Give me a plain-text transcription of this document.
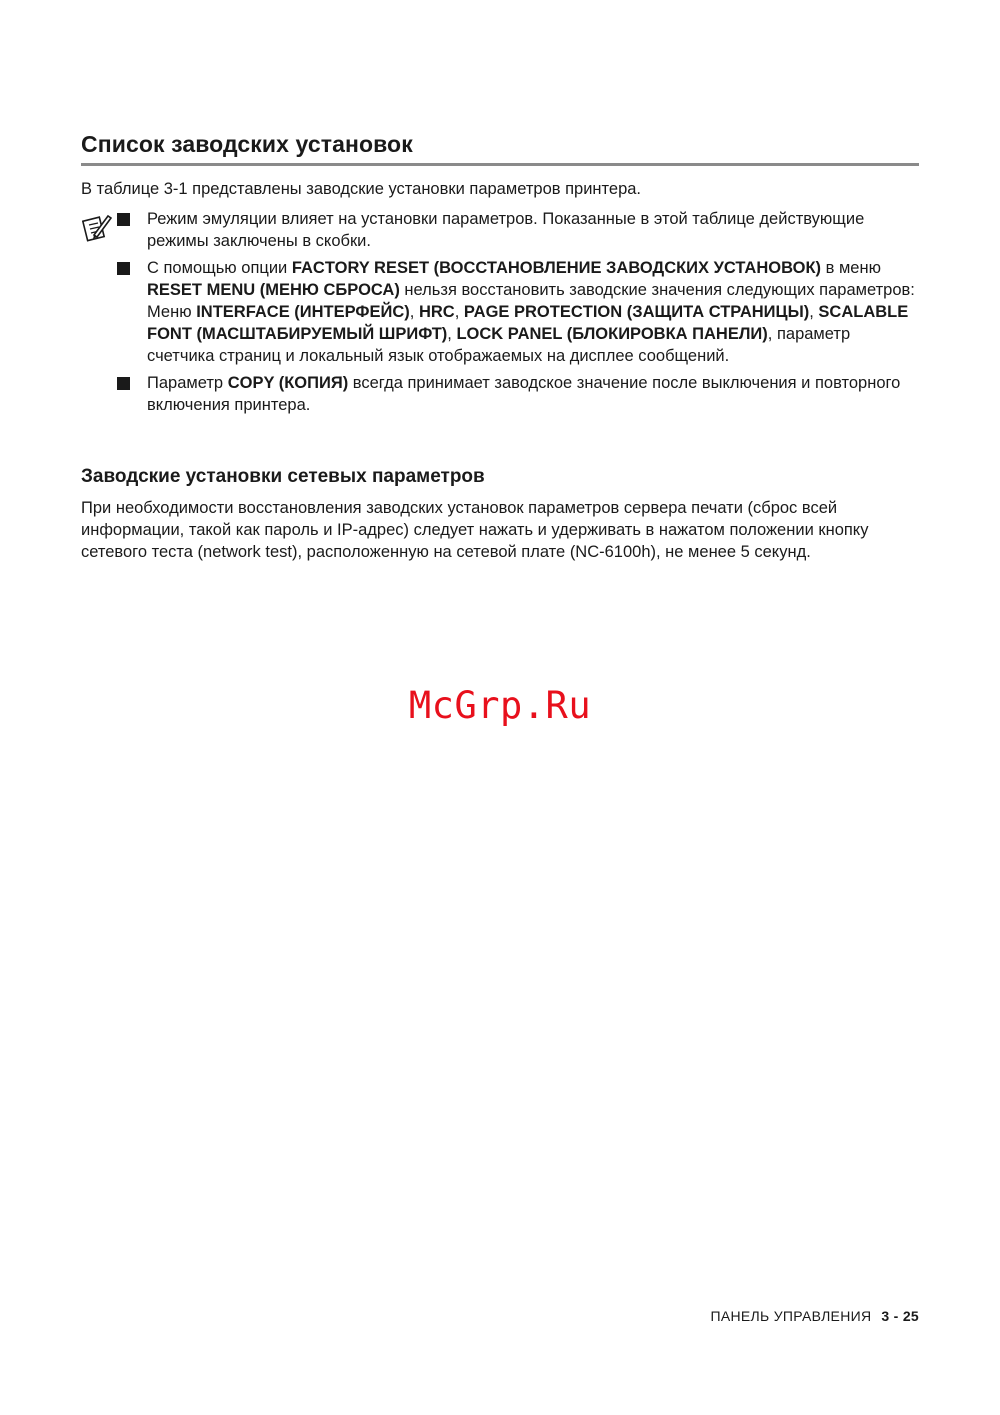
Список заводских установок

В таблице 3-1 представлены заводские установки параметров принтера.

Режим эмуляции влияет на установки параметров. Показанные в этой таблице действующие режимы заключены в скобки.
С помощью опции FACTORY RESET (ВОССТАНОВЛЕНИЕ ЗАВОДСКИХ УСТАНОВОК) в меню RESET MENU (МЕНЮ СБРОСА) нельзя восстановить заводские значения следующих параметров: Меню INTERFACE (ИНТЕРФЕЙС), HRC, PAGE PROTECTION (ЗАЩИТА СТРАНИЦЫ), SCALABLE FONT (МАСШТАБИРУЕМЫЙ ШРИФТ), LOCK PANEL (БЛОКИРОВКА ПАНЕЛИ), параметр счетчика страниц и локальный язык отображаемых на дисплее сообщений.
Параметр COPY (КОПИЯ) всегда принимает заводское значение после выключения и повторного включения принтера.
Заводские установки сетевых параметров

При необходимости восстановления заводских установок параметров сервера печати (сброс всей информации, такой как пароль и IP-адрес) следует нажать и удерживать в нажатом положении кнопку сетевого теста (network test), расположенную на сетевой плате (NC-6100h), не менее 5 секунд.

McGrp.Ru
ПАНЕЛЬ УПРАВЛЕНИЯ 3 - 25
